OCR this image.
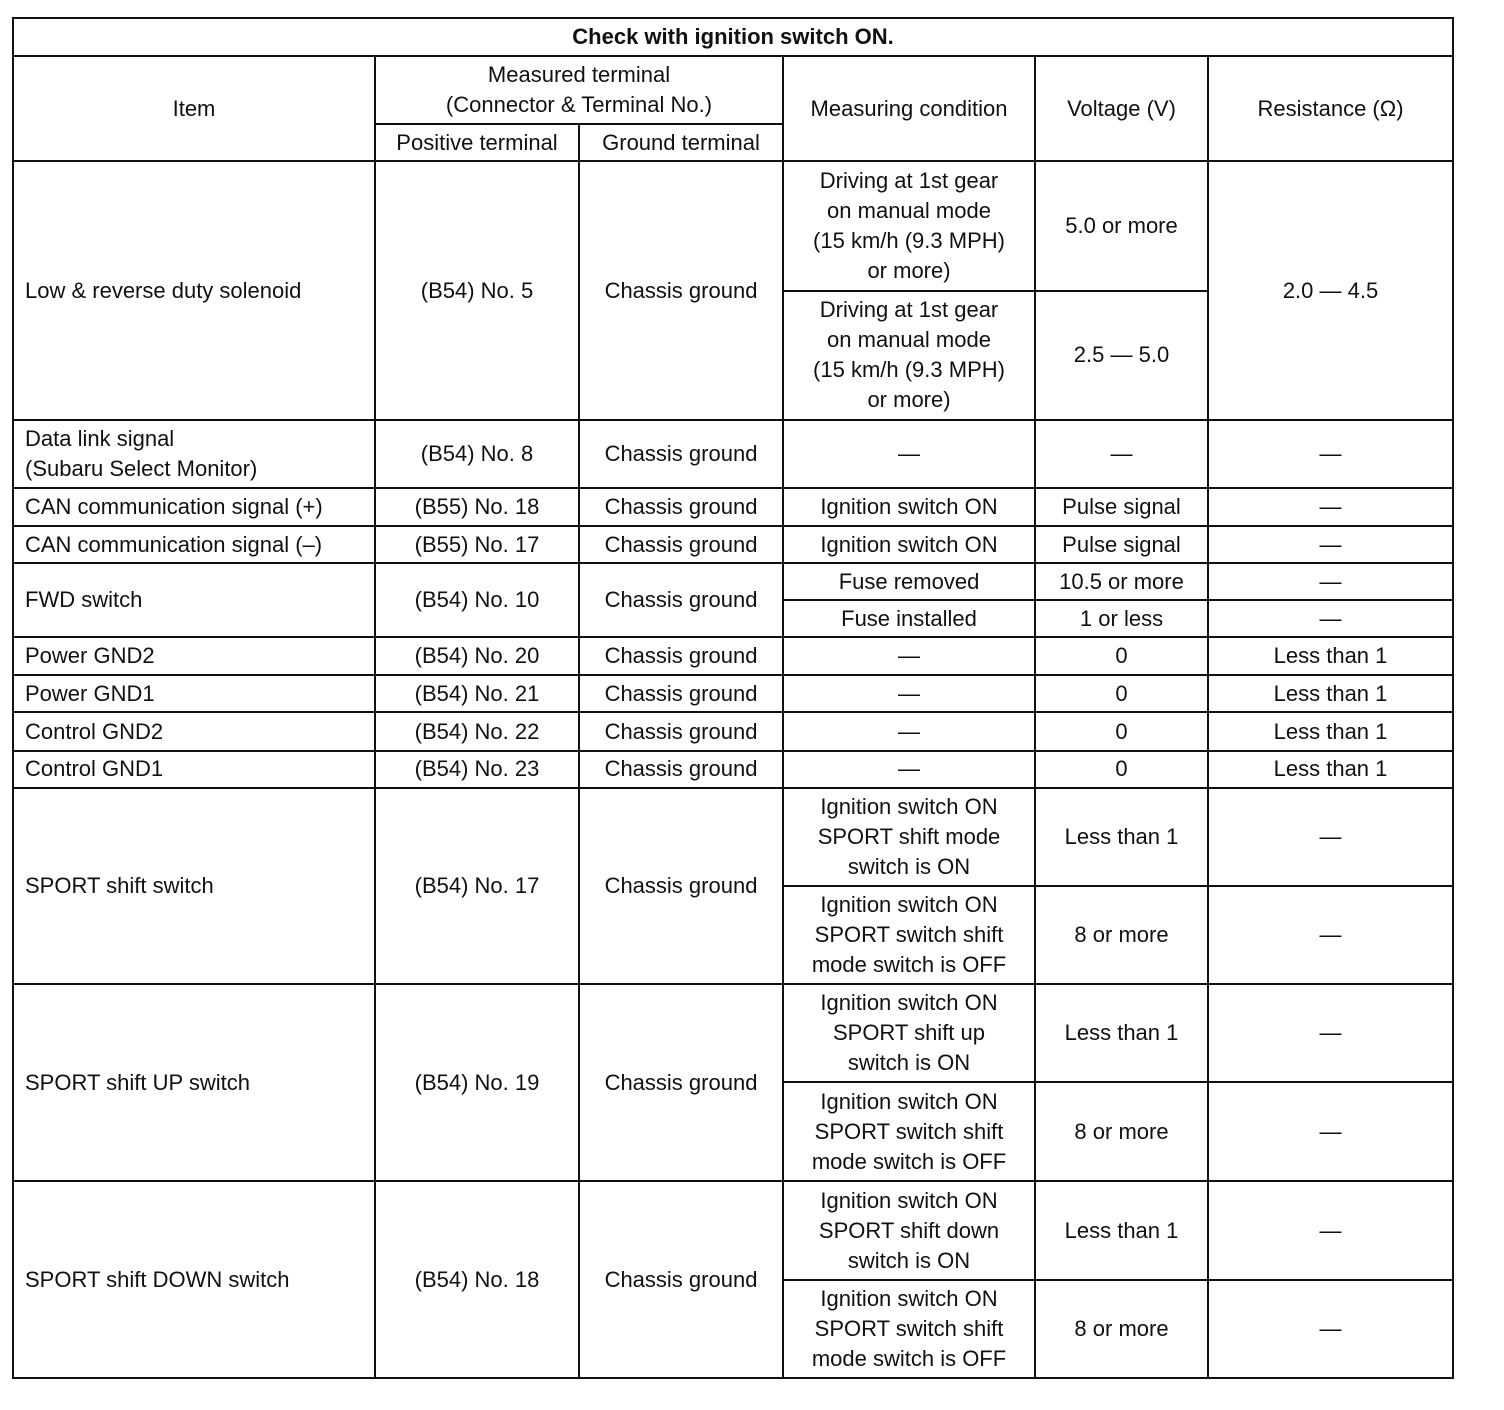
Check with ignition switch ON.					
Item	Measured terminal
(Connector & Terminal No.)		Measuring condition	Voltage (V)	Resistance (Ω)
	Positive terminal	Ground terminal			
Low & reverse duty solenoid	(B54) No. 5	Chassis ground	Driving at 1st gear
on manual mode
(15 km/h (9.3 MPH)
or more)	5.0 or more	2.0 — 4.5
			Driving at 1st gear
on manual mode
(15 km/h (9.3 MPH)
or more)	2.5 — 5.0	
Data link signal
(Subaru Select Monitor)	(B54) No. 8	Chassis ground	—	—	—
CAN communication signal (+)	(B55) No. 18	Chassis ground	Ignition switch ON	Pulse signal	—
CAN communication signal (–)	(B55) No. 17	Chassis ground	Ignition switch ON	Pulse signal	—
FWD switch	(B54) No. 10	Chassis ground	Fuse removed	10.5 or more	—
			Fuse installed	1 or less	—
Power GND2	(B54) No. 20	Chassis ground	—	0	Less than 1
Power GND1	(B54) No. 21	Chassis ground	—	0	Less than 1
Control GND2	(B54) No. 22	Chassis ground	—	0	Less than 1
Control GND1	(B54) No. 23	Chassis ground	—	0	Less than 1
SPORT shift switch	(B54) No. 17	Chassis ground	Ignition switch ON
SPORT shift mode
switch is ON	Less than 1	—
			Ignition switch ON
SPORT switch shift
mode switch is OFF	8 or more	—
SPORT shift UP switch	(B54) No. 19	Chassis ground	Ignition switch ON
SPORT shift up
switch is ON	Less than 1	—
			Ignition switch ON
SPORT switch shift
mode switch is OFF	8 or more	—
SPORT shift DOWN switch	(B54) No. 18	Chassis ground	Ignition switch ON
SPORT shift down
switch is ON	Less than 1	—
			Ignition switch ON
SPORT switch shift
mode switch is OFF	8 or more	—
